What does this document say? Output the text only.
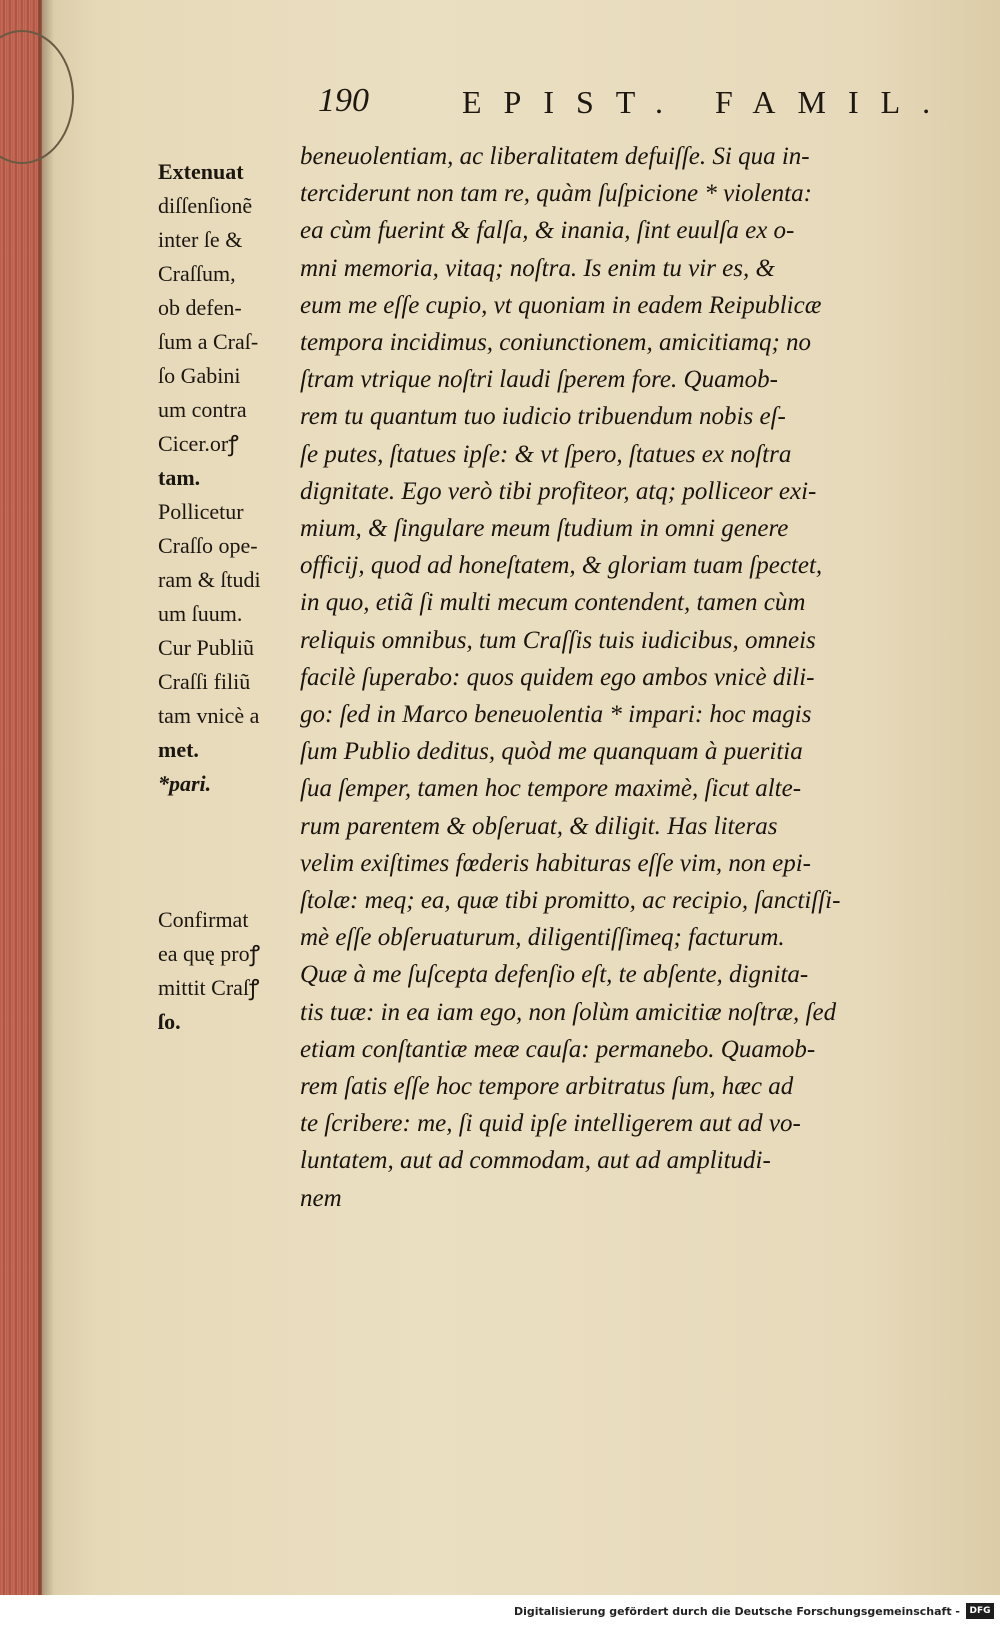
190	EPIST. FAMIL.
Extenuat
diſſenſionẽ
inter ſe &
Craſſum,
ob defen-
ſum a Craſ-
ſo Gabini
um contra
Cicer.orꝭ
tam.
Pollicetur
Craſſo ope-
ram & ſtudi
um ſuum.
Cur Publiũ
Craſſi filiũ
tam vnicè a
met.
*pari.

Confirmat
ea quę proꝭ
mittit Craſꝭ
ſo.
beneuolentiam, ac liberalitatem defuiſſe. Si qua in-
terciderunt non tam re, quàm ſuſpicione * violenta:
ea cùm fuerint & falſa, & inania, ſint euulſa ex o-
mni memoria, vitaq; noſtra. Is enim tu vir es, &
eum me eſſe cupio, vt quoniam in eadem Reipublicæ
tempora incidimus, coniunctionem, amicitiamq; no
ſtram vtrique noſtri laudi ſperem fore. Quamob-
rem tu quantum tuo iudicio tribuendum nobis eſ-
ſe putes, ſtatues ipſe: & vt ſpero, ſtatues ex noſtra
dignitate. Ego verò tibi profiteor, atq; polliceor exi-
mium, & ſingulare meum ſtudium in omni genere
officij, quod ad honeſtatem, & gloriam tuam ſpectet,
in quo, etiã ſi multi mecum contendent, tamen cùm
reliquis omnibus, tum Craſſis tuis iudicibus, omneis
facilè ſuperabo: quos quidem ego ambos vnicè dili-
go: ſed in Marco beneuolentia * impari: hoc magis
ſum Publio deditus, quòd me quanquam à pueritia
ſua ſemper, tamen hoc tempore maximè, ſicut alte-
rum parentem & obſeruat, & diligit. Has literas
velim exiſtimes fœderis habituras eſſe vim, non epi-
ſtolæ: meq; ea, quæ tibi promitto, ac recipio, ſanctiſſi-
mè eſſe obſeruaturum, diligentiſſimeq; facturum.
Quæ à me ſuſcepta defenſio eſt, te abſente, dignita-
tis tuæ: in ea iam ego, non ſolùm amicitiæ noſtræ, ſed
etiam conſtantiæ meæ cauſa: permanebo. Quamob-
rem ſatis eſſe hoc tempore arbitratus ſum, hæc ad
te ſcribere: me, ſi quid ipſe intelligerem aut ad vo-
luntatem, aut ad commodam, aut ad amplitudi-
nem
Digitalisierung gefördert durch die Deutsche Forschungsgemeinschaft -	DFG
